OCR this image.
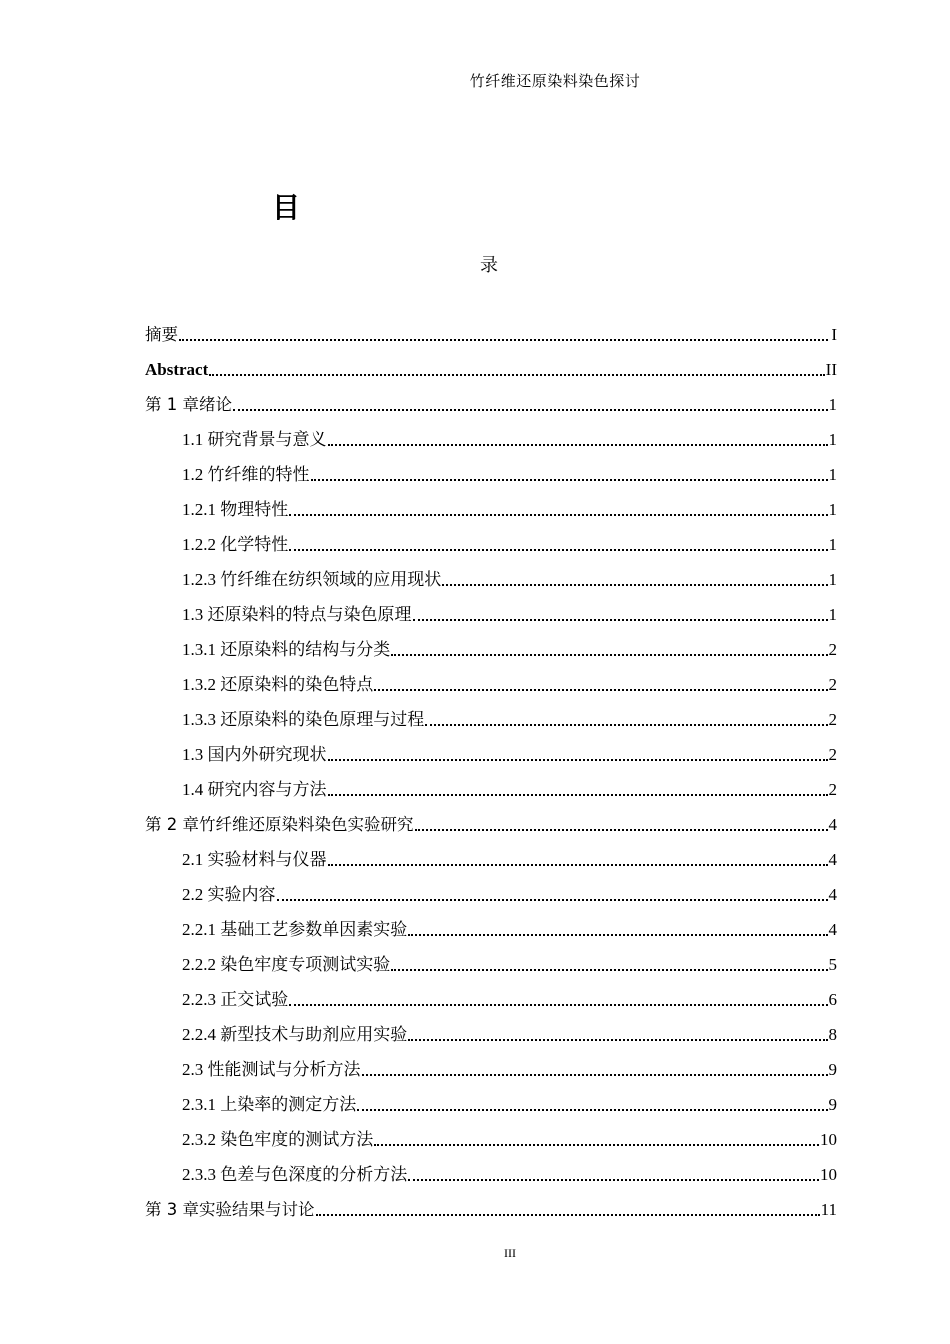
竹纤维还原染料染色探讨
目
录
摘要	I
Abstract	II
第 1 章绪论	1
1.1 研究背景与意义	1
1.2 竹纤维的特性	1
1.2.1 物理特性	1
1.2.2 化学特性	1
1.2.3 竹纤维在纺织领域的应用现状	1
1.3 还原染料的特点与染色原理	1
1.3.1 还原染料的结构与分类	2
1.3.2 还原染料的染色特点	2
1.3.3 还原染料的染色原理与过程	2
1.3 国内外研究现状	2
1.4 研究内容与方法	2
第 2 章竹纤维还原染料染色实验研究	4
2.1 实验材料与仪器	4
2.2 实验内容	4
2.2.1 基础工艺参数单因素实验	4
2.2.2 染色牢度专项测试实验	5
2.2.3 正交试验	6
2.2.4 新型技术与助剂应用实验	8
2.3 性能测试与分析方法	9
2.3.1 上染率的测定方法	9
2.3.2 染色牢度的测试方法	10
2.3.3 色差与色深度的分析方法	10
第 3 章实验结果与讨论	11
III
